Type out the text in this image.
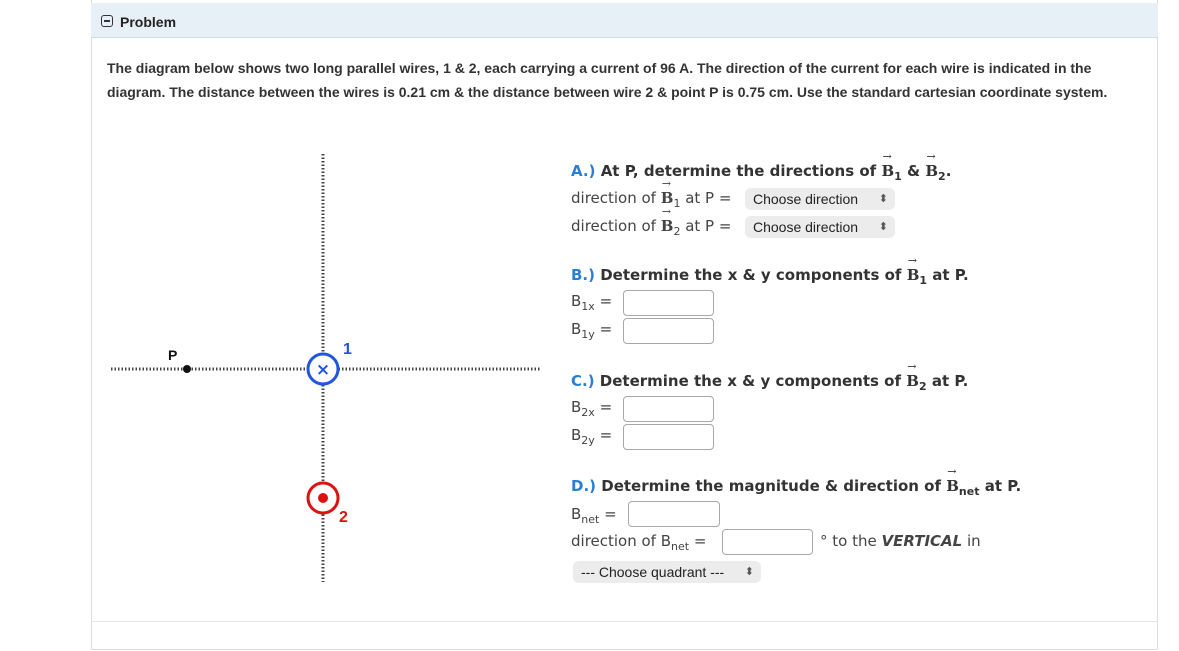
Problem
The diagram below shows two long parallel wires, 1 & 2, each carrying a current of 96 A. The direction of the current for each wire is indicated in the diagram. The distance between the wires is 0.21 cm & the distance between wire 2 & point P is 0.75 cm. Use the standard cartesian coordinate system.
P
×
1
2
A.) At P, determine the directions of → $B_1$ & → $B_2$.
direction of → $B_1$ at P =	Choose direction ⬍
direction of → $B_2$ at P =	Choose direction ⬍
B.) Determine the x & y components of → $B_1$ at P.
$B_{1x}$ =
$B_{1y}$ =
C.) Determine the x & y components of → $B_2$ at P.
$B_{2x}$ =
$B_{2y}$ =
D.) Determine the magnitude & direction of → $B_{net}$ at P.
$B_{net}$ =
direction of $B_{net}$ =	° to the VERTICAL in
--- Choose quadrant --- ⬍
